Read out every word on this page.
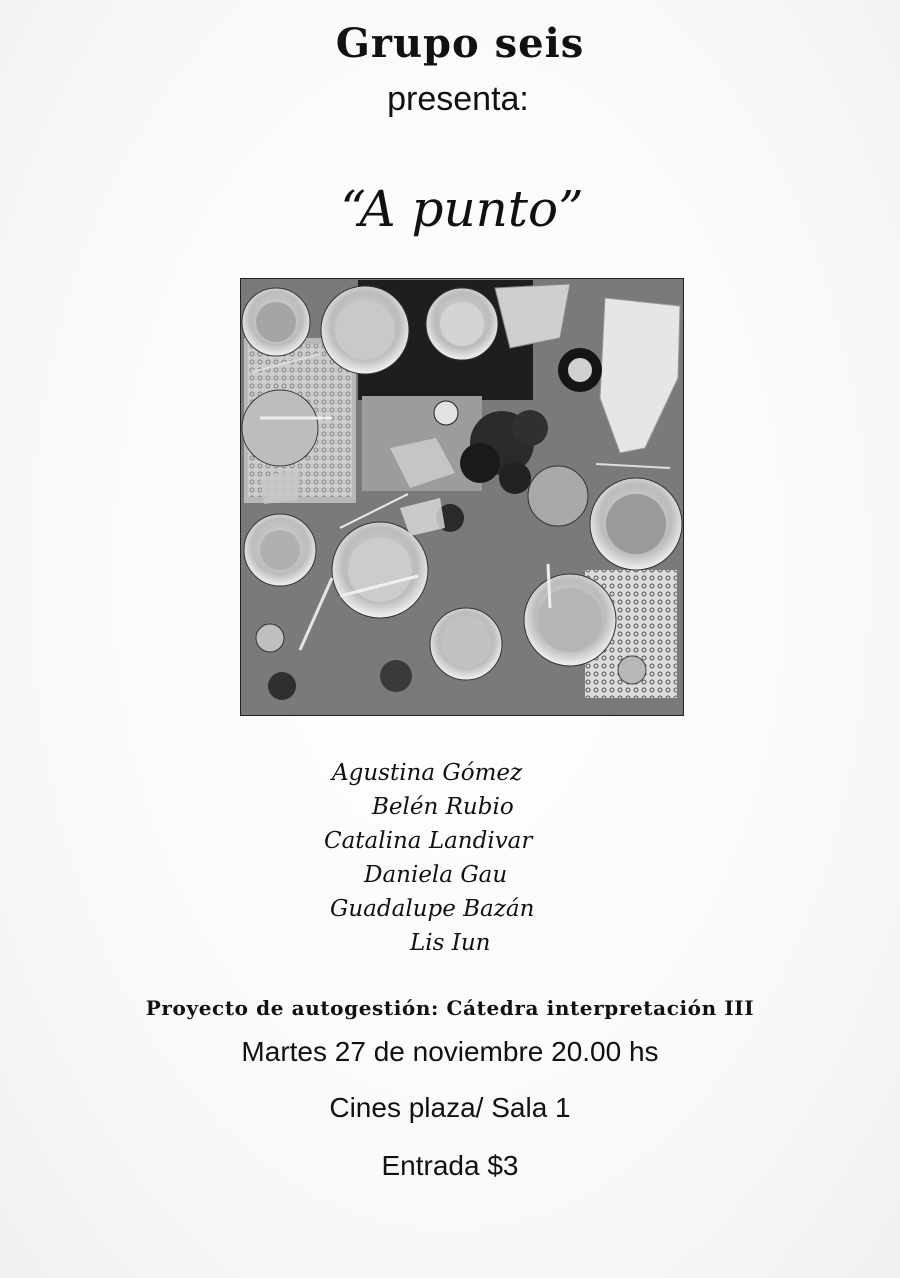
Grupo seis
presenta:
“A punto”
Agustina Gómez
Belén Rubio
Catalina Landivar
Daniela Gau
Guadalupe Bazán
Lis Iun
Proyecto de autogestión: Cátedra interpretación III
Martes 27 de noviembre 20.00 hs
Cines plaza/ Sala 1
Entrada $3
